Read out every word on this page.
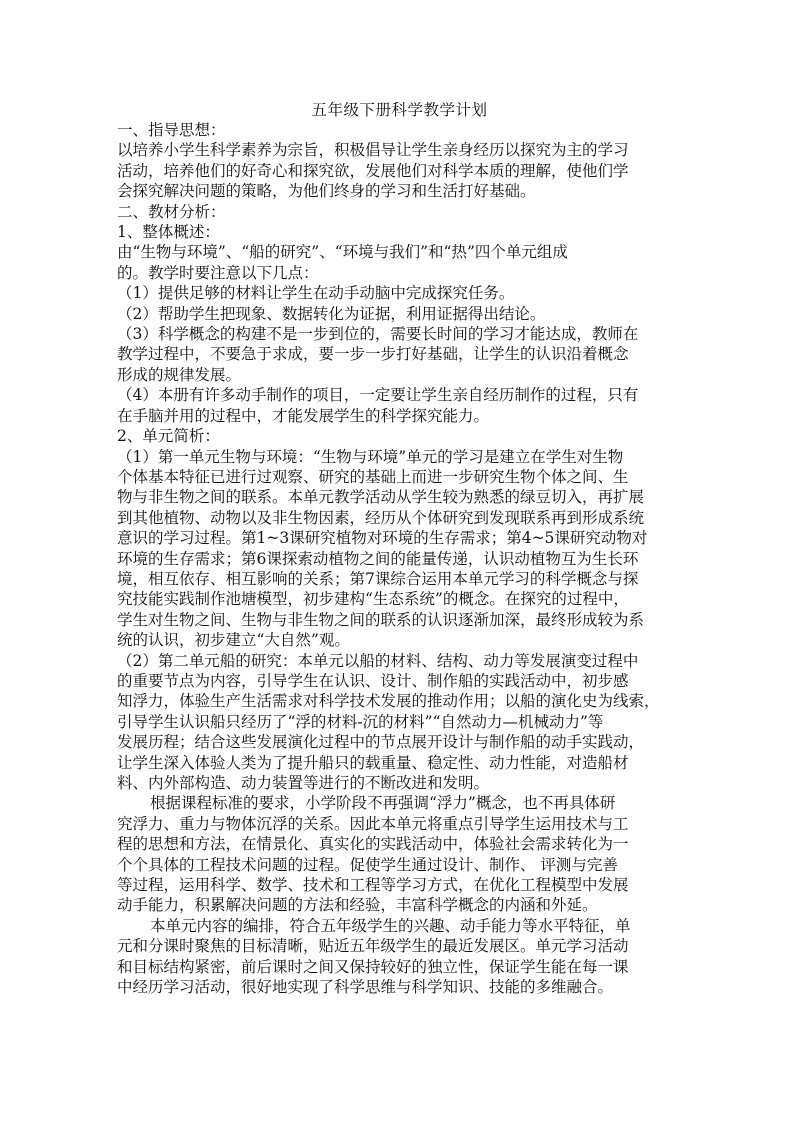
五年级下册科学教学计划

一、指导思想：

以培养小学生科学素养为宗旨，积极倡导让学生亲身经历以探究为主的学习

活动，培养他们的好奇心和探究欲，发展他们对科学本质的理解，使他们学

会探究解决问题的策略，为他们终身的学习和生活打好基础。

二、教材分析：

1、整体概述：

由“生物与环境”、“船的研究”、“环境与我们”和“热”四个单元组成

的。教学时要注意以下几点：

（1）提供足够的材料让学生在动手动脑中完成探究任务。

（2）帮助学生把现象、数据转化为证据，利用证据得出结论。

（3）科学概念的构建不是一步到位的，需要长时间的学习才能达成，教师在

教学过程中，不要急于求成，要一步一步打好基础，让学生的认识沿着概念

形成的规律发展。

（4）本册有许多动手制作的项目，一定要让学生亲自经历制作的过程，只有

在手脑并用的过程中，才能发展学生的科学探究能力。

2、单元简析：

（1）第一单元生物与环境：“生物与环境”单元的学习是建立在学生对生物

个体基本特征已进行过观察、研究的基础上而进一步研究生物个体之间、生

物与非生物之间的联系。本单元教学活动从学生较为熟悉的绿豆切入，再扩展

到其他植物、动物以及非生物因素，经历从个体研究到发现联系再到形成系统

意识的学习过程。第1~3课研究植物对环境的生存需求；第4~5课研究动物对

环境的生存需求；第6课探索动植物之间的能量传递，认识动植物互为生长环

境，相互依存、相互影响的关系；第7课综合运用本单元学习的科学概念与探

究技能实践制作池塘模型，初步建构“生态系统”的概念。在探究的过程中，

学生对生物之间、生物与非生物之间的联系的认识逐渐加深，最终形成较为系

统的认识，初步建立“大自然”观。

（2）第二单元船的研究：本单元以船的材料、结构、动力等发展演变过程中

的重要节点为内容，引导学生在认识、设计、制作船的实践活动中，初步感

知浮力，体验生产生活需求对科学技术发展的推动作用；以船的演化史为线索，

引导学生认识船只经历了“浮的材料-沉的材料”“自然动力—机械动力”等

发展历程；结合这些发展演化过程中的节点展开设计与制作船的动手实践动，

让学生深入体验人类为了提升船只的载重量、稳定性、动力性能，对造船材

料、内外部构造、动力装置等进行的不断改进和发明。

根据课程标准的要求，小学阶段不再强调“浮力”概念，也不再具体研

究浮力、重力与物体沉浮的关系。因此本单元将重点引导学生运用技术与工

程的思想和方法，在情景化、真实化的实践活动中，体验社会需求转化为一

个个具体的工程技术问题的过程。促使学生通过设计、制作、 评测与完善

等过程，运用科学、数学、技术和工程等学习方式，在优化工程模型中发展

动手能力，积累解决问题的方法和经验，丰富科学概念的内涵和外延。

本单元内容的编排，符合五年级学生的兴趣、动手能力等水平特征，单

元和分课时聚焦的目标清晰，贴近五年级学生的最近发展区。单元学习活动

和目标结构紧密，前后课时之间又保持较好的独立性，保证学生能在每一课

中经历学习活动，很好地实现了科学思维与科学知识、技能的多维融合。
